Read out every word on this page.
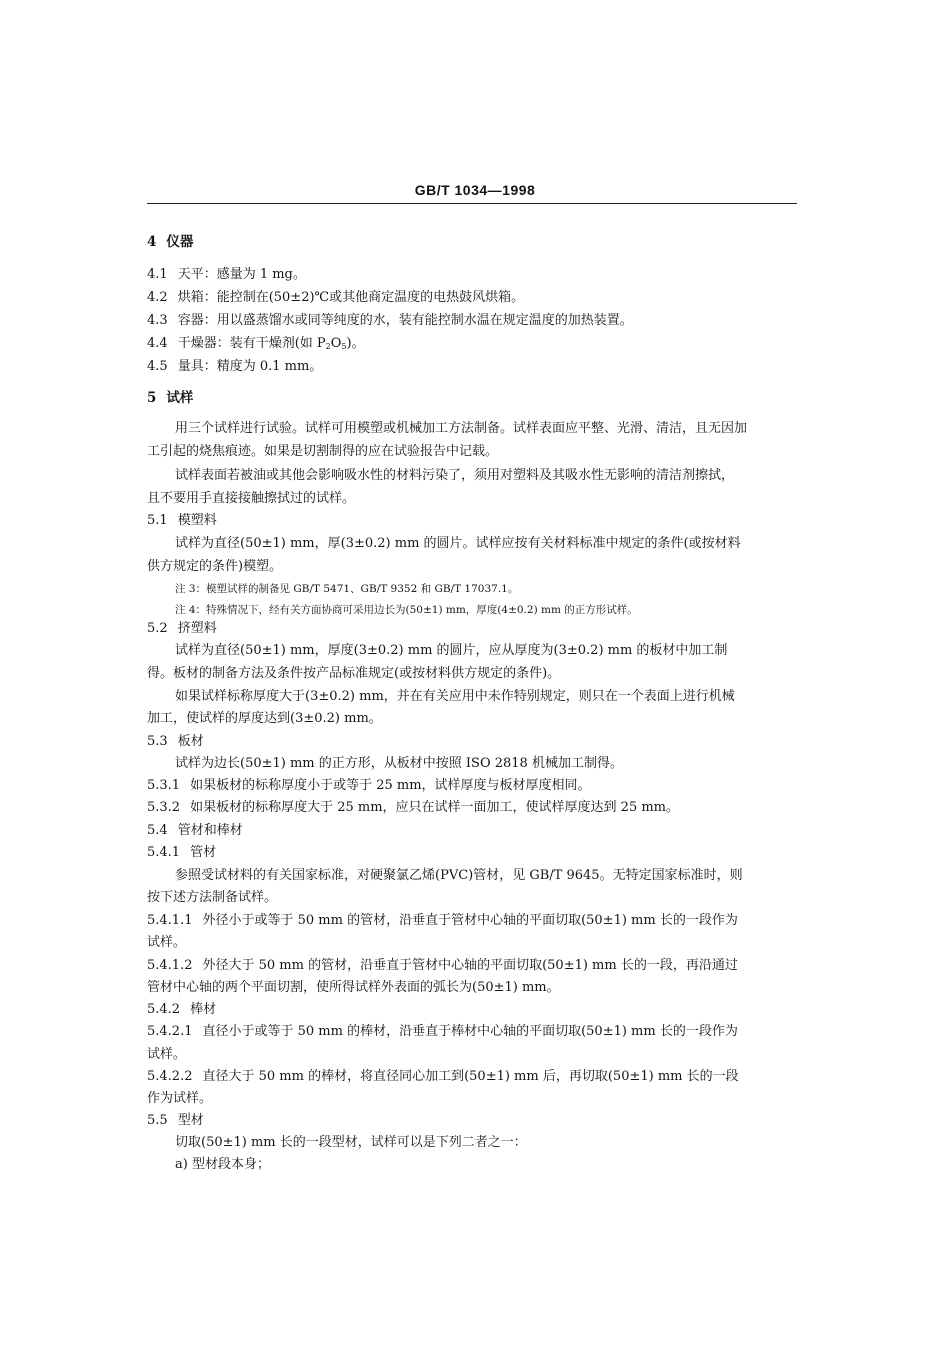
GB/T 1034—1998
4 仪器
4.1 天平：感量为 1 mg。
4.2 烘箱：能控制在(50±2)℃或其他商定温度的电热鼓风烘箱。
4.3 容器：用以盛蒸馏水或同等纯度的水，装有能控制水温在规定温度的加热装置。
4.4 干燥器：装有干燥剂(如 $P_2O_5$)。
4.5 量具：精度为 0.1 mm。
5 试样
用三个试样进行试验。试样可用模塑或机械加工方法制备。试样表面应平整、光滑、清洁，且无因加
工引起的烧焦痕迹。如果是切割制得的应在试验报告中记载。
试样表面若被油或其他会影响吸水性的材料污染了，须用对塑料及其吸水性无影响的清洁剂擦拭，
且不要用手直接接触擦拭过的试样。
5.1 模塑料
试样为直径(50±1) mm，厚(3±0.2) mm 的圆片。试样应按有关材料标准中规定的条件(或按材料
供方规定的条件)模塑。
注 3：模塑试样的制备见 GB/T 5471、GB/T 9352 和 GB/T 17037.1。
注 4：特殊情况下，经有关方面协商可采用边长为(50±1) mm，厚度(4±0.2) mm 的正方形试样。
5.2 挤塑料
试样为直径(50±1) mm，厚度(3±0.2) mm 的圆片，应从厚度为(3±0.2) mm 的板材中加工制
得。板材的制备方法及条件按产品标准规定(或按材料供方规定的条件)。
如果试样标称厚度大于(3±0.2) mm，并在有关应用中未作特别规定，则只在一个表面上进行机械
加工，使试样的厚度达到(3±0.2) mm。
5.3 板材
试样为边长(50±1) mm 的正方形，从板材中按照 ISO 2818 机械加工制得。
5.3.1 如果板材的标称厚度小于或等于 25 mm，试样厚度与板材厚度相同。
5.3.2 如果板材的标称厚度大于 25 mm，应只在试样一面加工，使试样厚度达到 25 mm。
5.4 管材和棒材
5.4.1 管材
参照受试材料的有关国家标准，对硬聚氯乙烯(PVC)管材，见 GB/T 9645。无特定国家标准时，则
按下述方法制备试样。
5.4.1.1 外径小于或等于 50 mm 的管材，沿垂直于管材中心轴的平面切取(50±1) mm 长的一段作为
试样。
5.4.1.2 外径大于 50 mm 的管材，沿垂直于管材中心轴的平面切取(50±1) mm 长的一段，再沿通过
管材中心轴的两个平面切割，使所得试样外表面的弧长为(50±1) mm。
5.4.2 棒材
5.4.2.1 直径小于或等于 50 mm 的棒材，沿垂直于棒材中心轴的平面切取(50±1) mm 长的一段作为
试样。
5.4.2.2 直径大于 50 mm 的棒材，将直径同心加工到(50±1) mm 后，再切取(50±1) mm 长的一段
作为试样。
5.5 型材
切取(50±1) mm 长的一段型材，试样可以是下列二者之一：
a) 型材段本身；
